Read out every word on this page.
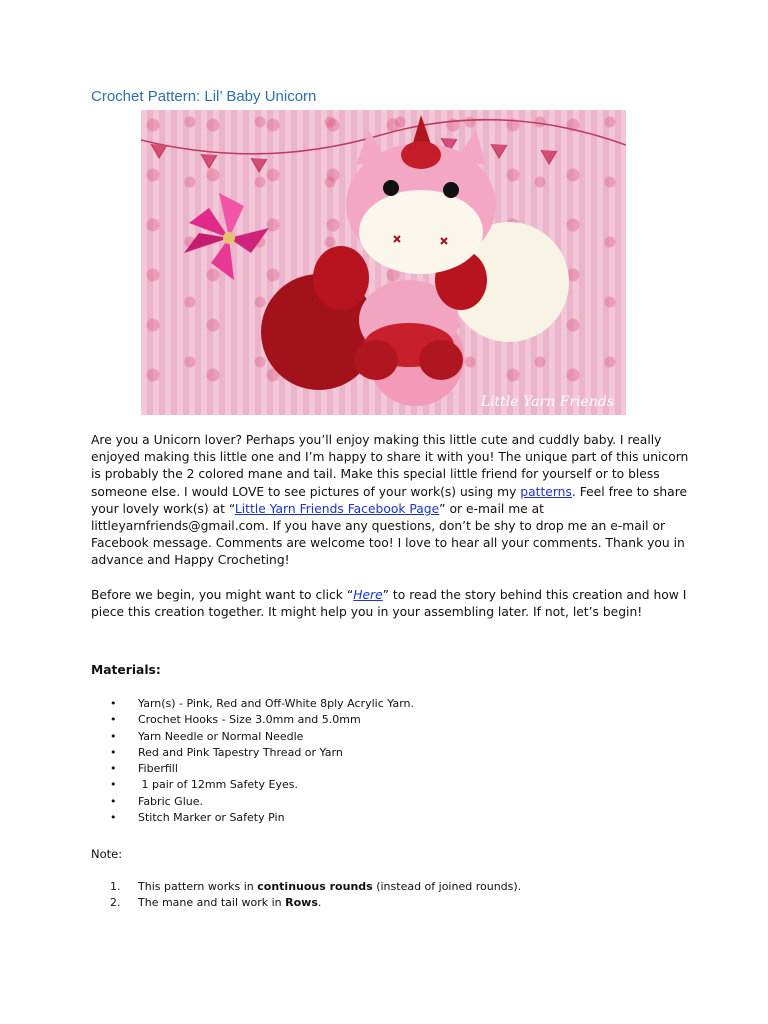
Crochet Pattern: Lil’ Baby Unicorn
Little Yarn Friends

Are you a Unicorn lover? Perhaps you’ll enjoy making this little cute and cuddly baby. I really enjoyed making this little one and I’m happy to share it with you! The unique part of this unicorn is probably the 2 colored mane and tail. Make this special little friend for yourself or to bless someone else. I would LOVE to see pictures of your work(s) using my patterns. Feel free to share your lovely work(s) at “Little Yarn Friends Facebook Page” or e-mail me at littleyarnfriends@gmail.com. If you have any questions, don’t be shy to drop me an e-mail or Facebook message. Comments are welcome too! I love to hear all your comments. Thank you in advance and Happy Crocheting!

Before we begin, you might want to click “Here” to read the story behind this creation and how I piece this creation together. It might help you in your assembling later. If not, let’s begin!

Materials:
• Yarn(s) - Pink, Red and Off-White 8ply Acrylic Yarn.
• Crochet Hooks - Size 3.0mm and 5.0mm
• Yarn Needle or Normal Needle
• Red and Pink Tapestry Thread or Yarn
• Fiberfill
•  1 pair of 12mm Safety Eyes.
• Fabric Glue.
• Stitch Marker or Safety Pin
Note:
1. This pattern works in continuous rounds (instead of joined rounds).
2. The mane and tail work in Rows.
